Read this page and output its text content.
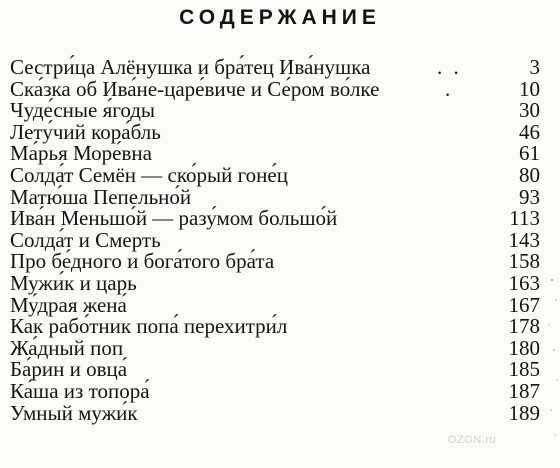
СОДЕРЖАНИЕ
Сестри́ца Алёнушка и бра́тец Ива́нушка	. .	3
Ска́зка об Ива́не-царе́виче и Се́ром во́лке	.	10
Чуде́сные я́годы	30
Лету́чий кора́бль	46
Ма́рья Море́вна	61
Солда́т Семён — ско́рый гоне́ц	80
Матю́ша Пепельно́й	93
Ива́н Меньшо́й — разу́мом большо́й	113
Солда́т и Смерть	143
Про бе́дного и бога́того бра́та	158
Мужи́к и царь	163
Му́драя жена́	167
Как рабо́тник попа́ перехитри́л	178
Жа́дный поп	180
Ба́рин и овца́	185
Ка́ша из топора́	187
Умный мужи́к	189
OZON.ru
